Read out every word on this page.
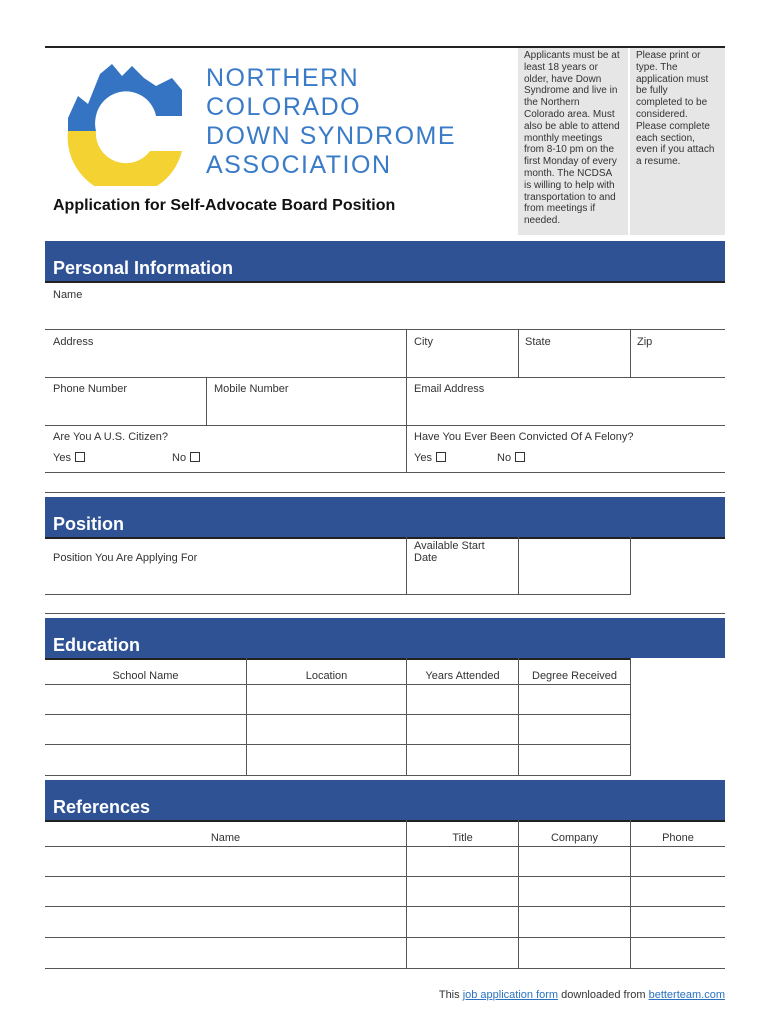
NORTHERN
COLORADO
DOWN SYNDROME
ASSOCIATION
Application for Self-Advocate Board Position
Applicants must be at
least 18 years or
older, have Down
Syndrome and live in
the Northern
Colorado area. Must
also be able to attend
monthly meetings
from 8-10 pm on the
first Monday of every
month. The NCDSA
is willing to help with
transportation to and
from meetings if
needed.
Please print or
type. The
application must
be fully
completed to be
considered.
Please complete
each section,
even if you attach
a resume.
Personal Information
Name
Address	City	State	Zip
Phone Number	Mobile Number	Email Address
Are You A U.S. Citizen?	Have You Ever Been Convicted Of A Felony?
Yes	No	Yes	No
Position
Position You Are Applying For
Available Start
Date
Education
School Name	Location	Years Attended	Degree Received
References
Name	Title	Company	Phone
This job application form downloaded from betterteam.com
